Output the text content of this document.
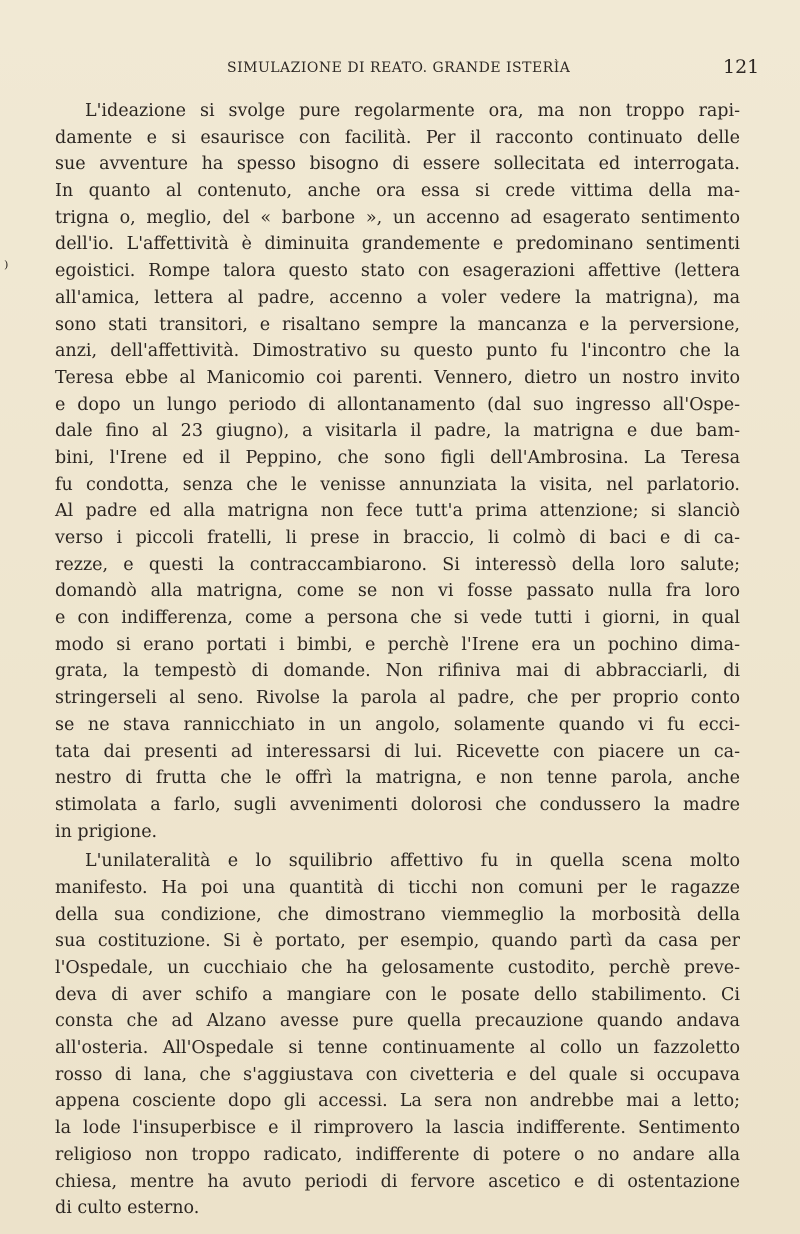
SIMULAZIONE DI REATO. GRANDE ISTERÌA	121
⁾
L'ideazione si svolge pure regolarmente ora, ma non troppo rapi-
damente e si esaurisce con facilità. Per il racconto continuato delle
sue avventure ha spesso bisogno di essere sollecitata ed interrogata.
In quanto al contenuto, anche ora essa si crede vittima della ma-
trigna o, meglio, del « barbone », un accenno ad esagerato sentimento
dell'io. L'affettività è diminuita grandemente e predominano sentimenti
egoistici. Rompe talora questo stato con esagerazioni affettive (lettera
all'amica, lettera al padre, accenno a voler vedere la matrigna), ma
sono stati transitori, e risaltano sempre la mancanza e la perversione,
anzi, dell'affettività. Dimostrativo su questo punto fu l'incontro che la
Teresa ebbe al Manicomio coi parenti. Vennero, dietro un nostro invito
e dopo un lungo periodo di allontanamento (dal suo ingresso all'Ospe-
dale fino al 23 giugno), a visitarla il padre, la matrigna e due bam-
bini, l'Irene ed il Peppino, che sono figli dell'Ambrosina. La Teresa
fu condotta, senza che le venisse annunziata la visita, nel parlatorio.
Al padre ed alla matrigna non fece tutt'a prima attenzione; si slanciò
verso i piccoli fratelli, li prese in braccio, li colmò di baci e di ca-
rezze, e questi la contraccambiarono. Si interessò della loro salute;
domandò alla matrigna, come se non vi fosse passato nulla fra loro
e con indifferenza, come a persona che si vede tutti i giorni, in qual
modo si erano portati i bimbi, e perchè l'Irene era un pochino dima-
grata, la tempestò di domande. Non rifiniva mai di abbracciarli, di
stringerseli al seno. Rivolse la parola al padre, che per proprio conto
se ne stava rannicchiato in un angolo, solamente quando vi fu ecci-
tata dai presenti ad interessarsi di lui. Ricevette con piacere un ca-
nestro di frutta che le offrì la matrigna, e non tenne parola, anche
stimolata a farlo, sugli avvenimenti dolorosi che condussero la madre
in prigione.
L'unilateralità e lo squilibrio affettivo fu in quella scena molto
manifesto. Ha poi una quantità di ticchi non comuni per le ragazze
della sua condizione, che dimostrano viemmeglio la morbosità della
sua costituzione. Si è portato, per esempio, quando partì da casa per
l'Ospedale, un cucchiaio che ha gelosamente custodito, perchè preve-
deva di aver schifo a mangiare con le posate dello stabilimento. Ci
consta che ad Alzano avesse pure quella precauzione quando andava
all'osteria. All'Ospedale si tenne continuamente al collo un fazzoletto
rosso di lana, che s'aggiustava con civetteria e del quale si occupava
appena cosciente dopo gli accessi. La sera non andrebbe mai a letto;
la lode l'insuperbisce e il rimprovero la lascia indifferente. Sentimento
religioso non troppo radicato, indifferente di potere o no andare alla
chiesa, mentre ha avuto periodi di fervore ascetico e di ostentazione
di culto esterno.
